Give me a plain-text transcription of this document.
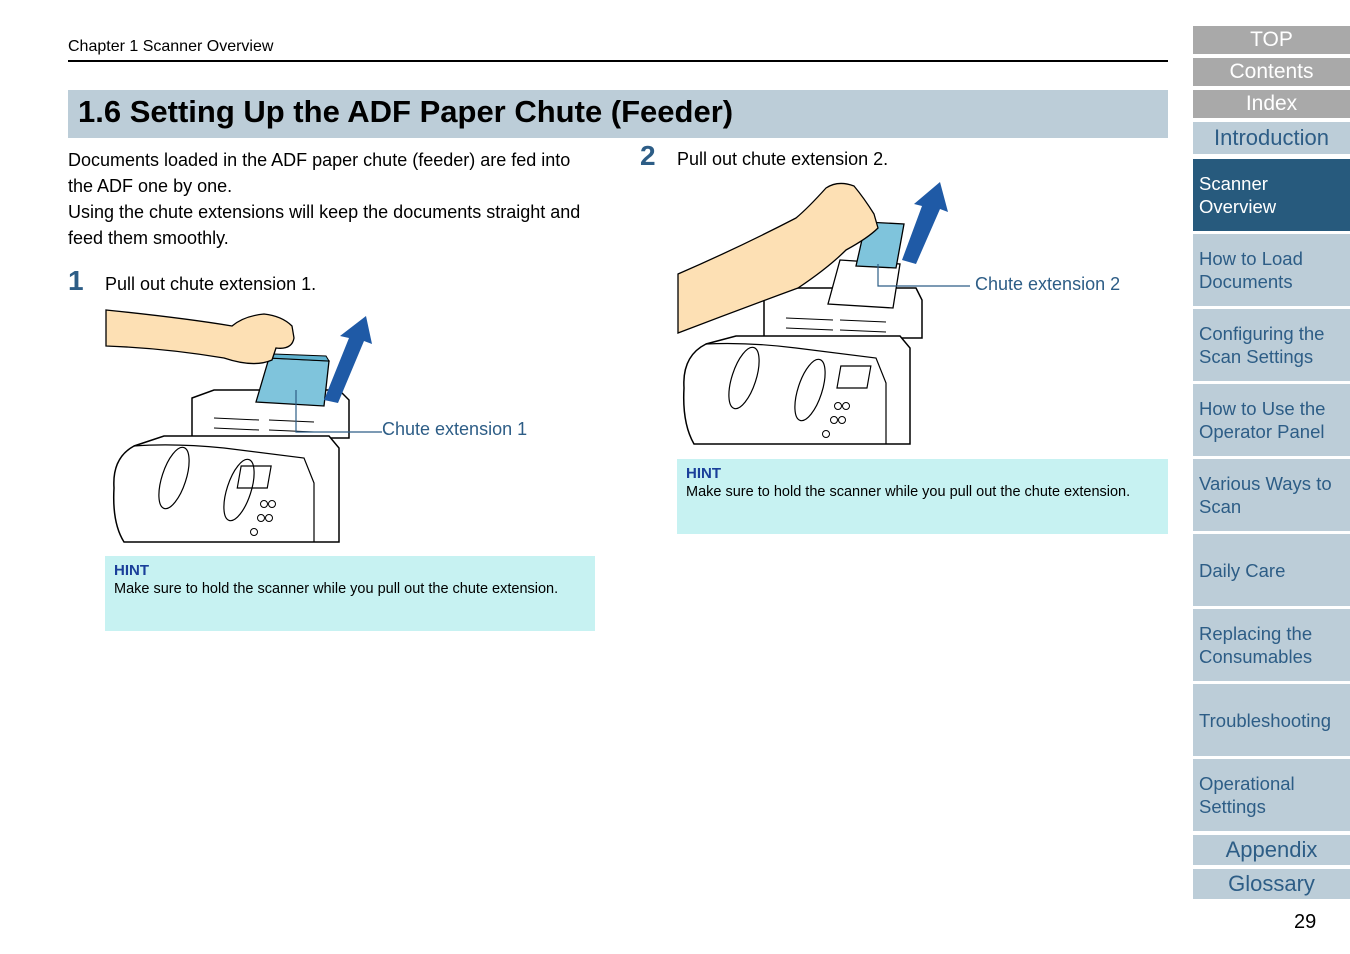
Chapter 1 Scanner Overview
1.6 Setting Up the ADF Paper Chute (Feeder)

Documents loaded in the ADF paper chute (feeder) are fed into the ADF one by one.

Using the chute extensions will keep the documents straight and feed them smoothly.

1 Pull out chute extension 1.
Chute extension 1
HINT
Make sure to hold the scanner while you pull out the chute extension.
2 Pull out chute extension 2.
Chute extension 2
HINT
Make sure to hold the scanner while you pull out the chute extension.
TOP
Contents
Index
Introduction
Scanner
Overview
How to Load
Documents
Configuring the
Scan Settings
How to Use the
Operator Panel
Various Ways to
Scan
Daily Care
Replacing the
Consumables
Troubleshooting
Operational
Settings
Appendix
Glossary
29
